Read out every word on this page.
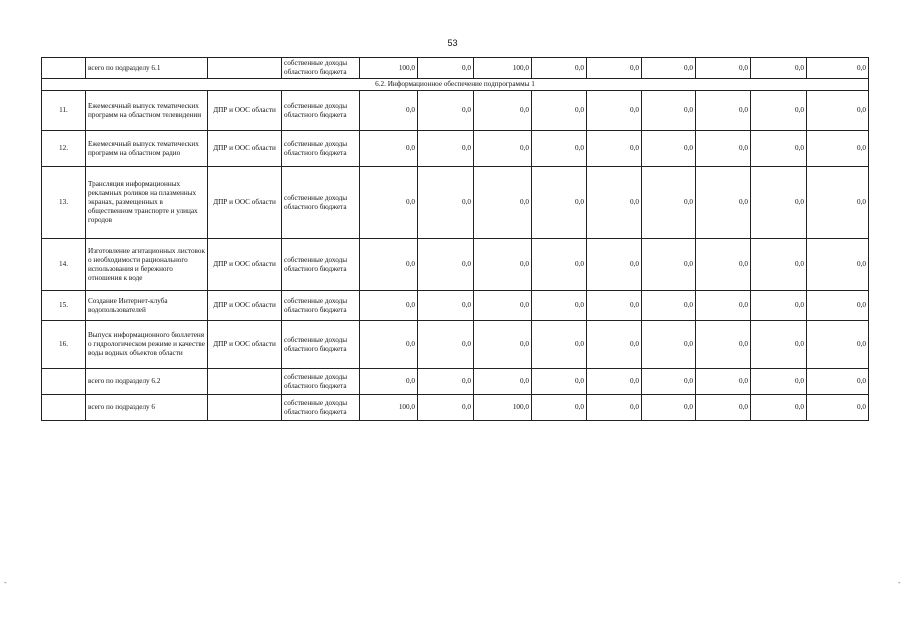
53
	всего по подразделу 6.1		собственные доходы областного бюджета	100,0	0,0	100,0	0,0	0,0	0,0	0,0	0,0	0,0
6.2. Информационное обеспечение подпрограммы 1												
11.	Ежемесячный выпуск тематических программ на областном телевидении	ДПР и ООС области	собственные доходы областного бюджета	0,0	0,0	0,0	0,0	0,0	0,0	0,0	0,0	0,0
12.	Ежемесячный выпуск тематических программ на областном радио	ДПР и ООС области	собственные доходы областного бюджета	0,0	0,0	0,0	0,0	0,0	0,0	0,0	0,0	0,0
13.	Трансляция информационных рекламных роликов на плазменных экранах, размещенных в общественном транспорте и улицах городов	ДПР и ООС области	собственные доходы областного бюджета	0,0	0,0	0,0	0,0	0,0	0,0	0,0	0,0	0,0
14.	Изготовление агитационных листовок о необходимости рационального использования и бережного отношения к воде	ДПР и ООС области	собственные доходы областного бюджета	0,0	0,0	0,0	0,0	0,0	0,0	0,0	0,0	0,0
15.	Создание Интернет-клуба водопользователей	ДПР и ООС области	собственные доходы областного бюджета	0,0	0,0	0,0	0,0	0,0	0,0	0,0	0,0	0,0
16.	Выпуск информационного бюллетеня о гидрологическом режиме и качестве воды водных объектов области	ДПР и ООС области	собственные доходы областного бюджета	0,0	0,0	0,0	0,0	0,0	0,0	0,0	0,0	0,0
	всего по подразделу 6.2		собственные доходы областного бюджета	0,0	0,0	0,0	0,0	0,0	0,0	0,0	0,0	0,0
	всего по подразделу 6		собственные доходы областного бюджета	100,0	0,0	100,0	0,0	0,0	0,0	0,0	0,0	0,0
-	-
